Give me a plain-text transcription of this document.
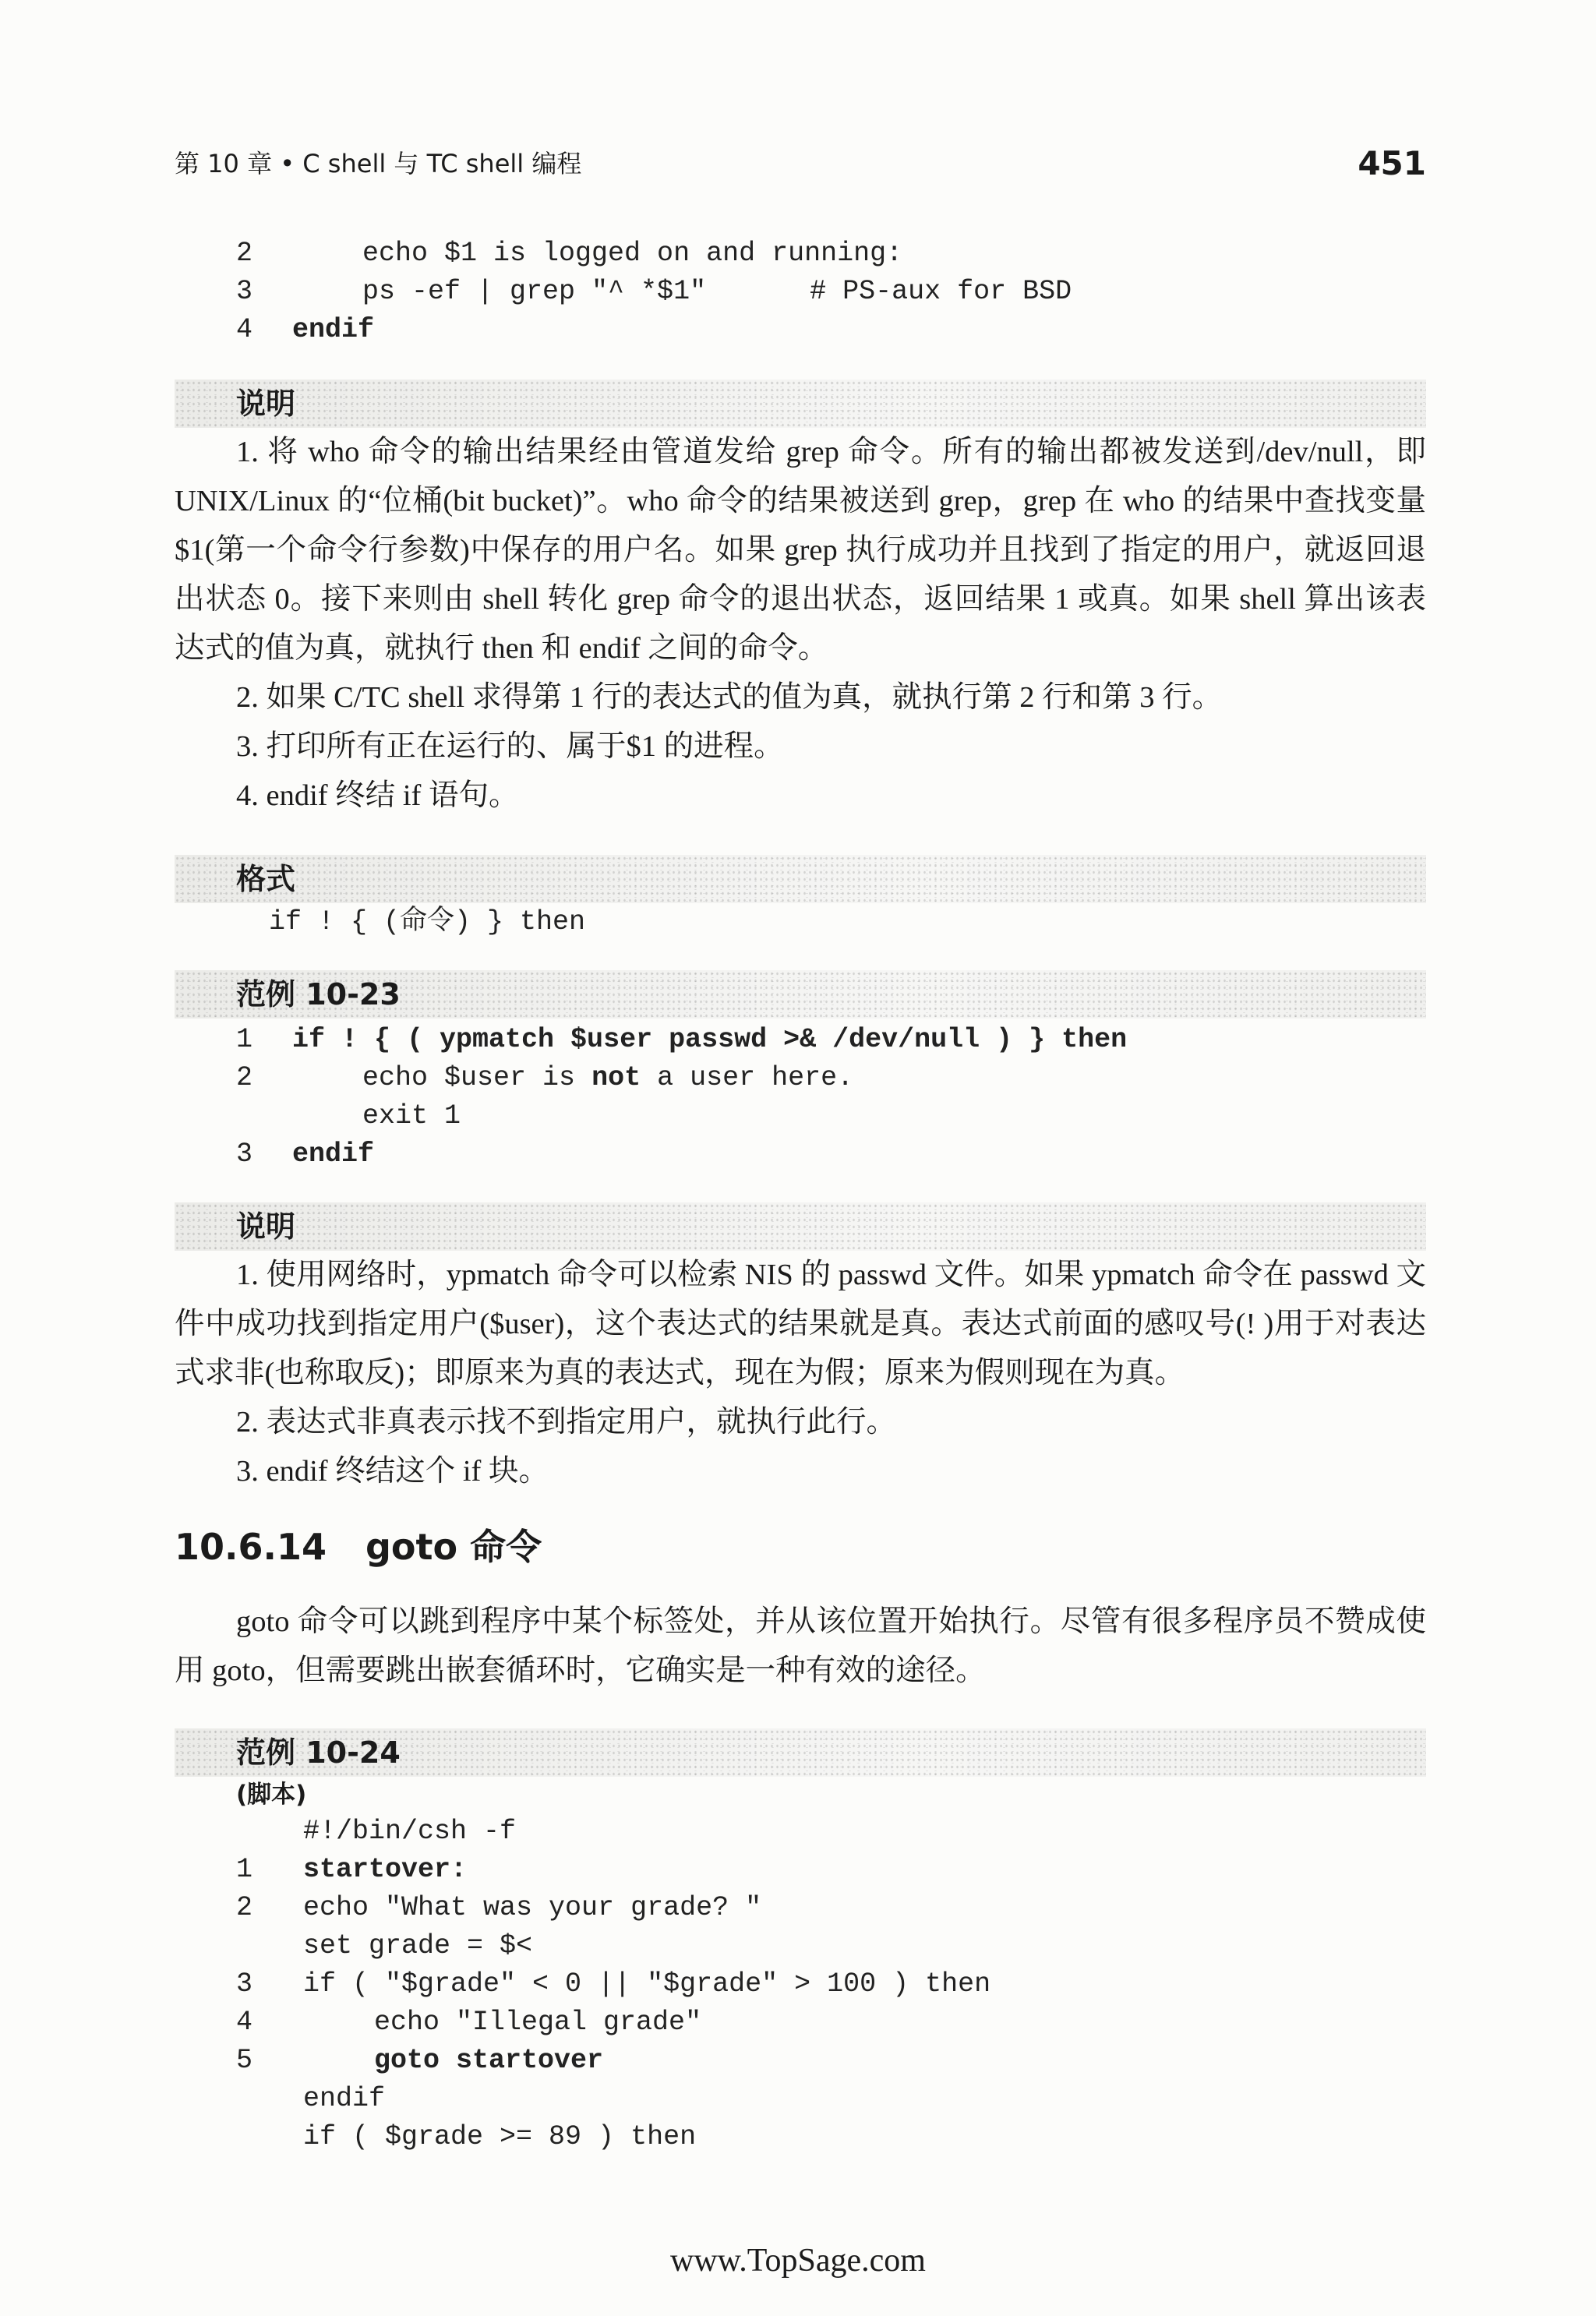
第 10 章 • C shell 与 TC shell 编程	451
2	echo $1 is logged on and running:
3	ps -ef | grep "^ *$1"	# PS-aux for BSD
4	endif
说明

1. 将 who 命令的输出结果经由管道发给 grep 命令。所有的输出都被发送到/dev/null，即 UNIX/Linux 的“位桶(bit bucket)”。who 命令的结果被送到 grep，grep 在 who 的结果中查找变量$1(第一个命令行参数)中保存的用户名。如果 grep 执行成功并且找到了指定的用户，就返回退出状态 0。接下来则由 shell 转化 grep 命令的退出状态，返回结果 1 或真。如果 shell 算出该表达式的值为真，就执行 then 和 endif 之间的命令。

2. 如果 C/TC shell 求得第 1 行的表达式的值为真，就执行第 2 行和第 3 行。

3. 打印所有正在运行的、属于$1 的进程。

4. endif 终结 if 语句。

格式
if ! { (命令) } then
范例 10-23
1	if ! { ( ypmatch $user passwd >& /dev/null ) } then
2	echo $user is not a user here.
exit 1
3	endif
说明

1. 使用网络时，ypmatch 命令可以检索 NIS 的 passwd 文件。如果 ypmatch 命令在 passwd 文件中成功找到指定用户($user)，这个表达式的结果就是真。表达式前面的感叹号(! )用于对表达式求非(也称取反)；即原来为真的表达式，现在为假；原来为假则现在为真。

2. 表达式非真表示找不到指定用户，就执行此行。

3. endif 终结这个 if 块。

10.6.14 goto 命令

goto 命令可以跳到程序中某个标签处，并从该位置开始执行。尽管有很多程序员不赞成使用 goto，但需要跳出嵌套循环时，它确实是一种有效的途径。

范例 10-24
(脚本)
#!/bin/csh -f
1	startover:
2	echo "What was your grade? "
set grade = $<
3	if ( "$grade" < 0 || "$grade" > 100 ) then
4	echo "Illegal grade"
5	goto startover
endif
if ( $grade >= 89 ) then
www.TopSage.com
